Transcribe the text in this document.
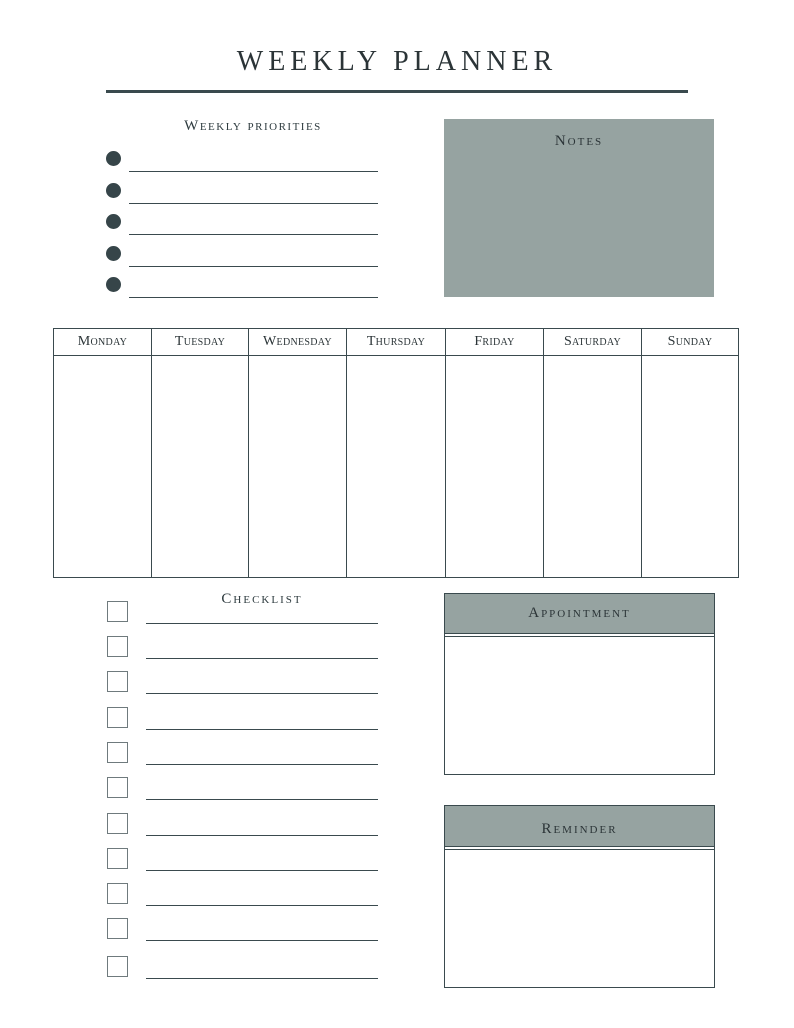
WEEKLY PLANNER
Weekly priorities
Notes
Monday	Tuesday	Wednesday	Thursday	Friday	Saturday	Sunday
Checklist
Appointment
Reminder
